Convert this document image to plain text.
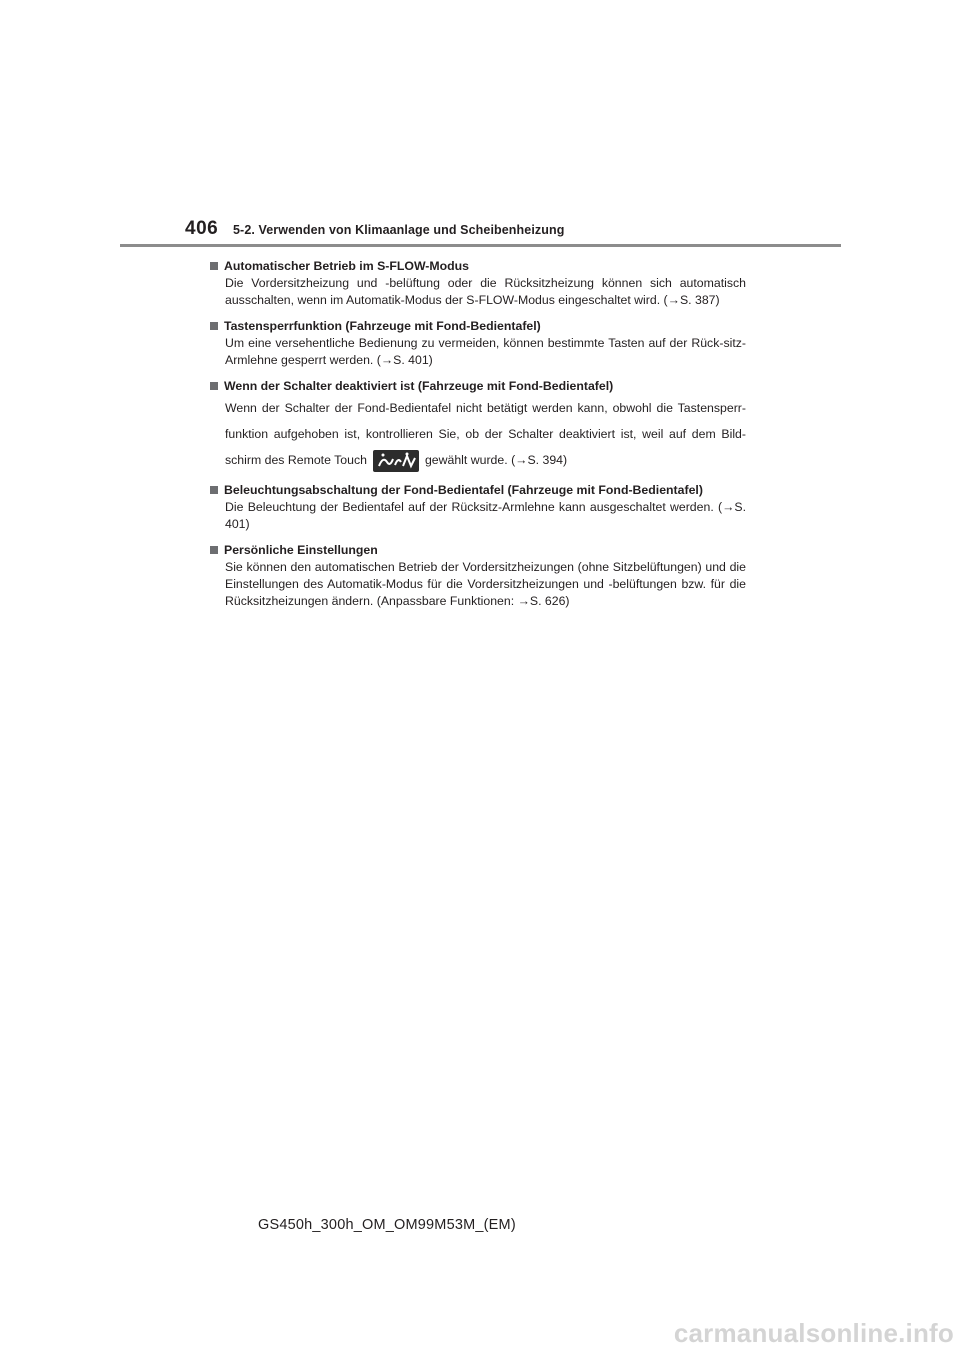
406 5-2. Verwenden von Klimaanlage und Scheibenheizung
Automatischer Betrieb im S-FLOW-Modus
Die Vordersitzheizung und -belüftung oder die Rücksitzheizung können sich automatisch ausschalten, wenn im Automatik-Modus der S-FLOW-Modus eingeschaltet wird. (→S. 387)
Tastensperrfunktion (Fahrzeuge mit Fond-Bedientafel)
Um eine versehentliche Bedienung zu vermeiden, können bestimmte Tasten auf der Rück-sitz-Armlehne gesperrt werden. (→S. 401)
Wenn der Schalter deaktiviert ist (Fahrzeuge mit Fond-Bedientafel)
Wenn der Schalter der Fond-Bedientafel nicht betätigt werden kann, obwohl die Tastensperr-funktion aufgehoben ist, kontrollieren Sie, ob der Schalter deaktiviert ist, weil auf dem Bild-schirm des Remote Touch	gewählt wurde. (→S. 394)
Beleuchtungsabschaltung der Fond-Bedientafel (Fahrzeuge mit Fond-Bedientafel)
Die Beleuchtung der Bedientafel auf der Rücksitz-Armlehne kann ausgeschaltet werden. (→S. 401)
Persönliche Einstellungen
Sie können den automatischen Betrieb der Vordersitzheizungen (ohne Sitzbelüftungen) und die Einstellungen des Automatik-Modus für die Vordersitzheizungen und -belüftungen bzw. für die Rücksitzheizungen ändern. (Anpassbare Funktionen: →S. 626)
GS450h_300h_OM_OM99M53M_(EM)
carmanualsonline.info
